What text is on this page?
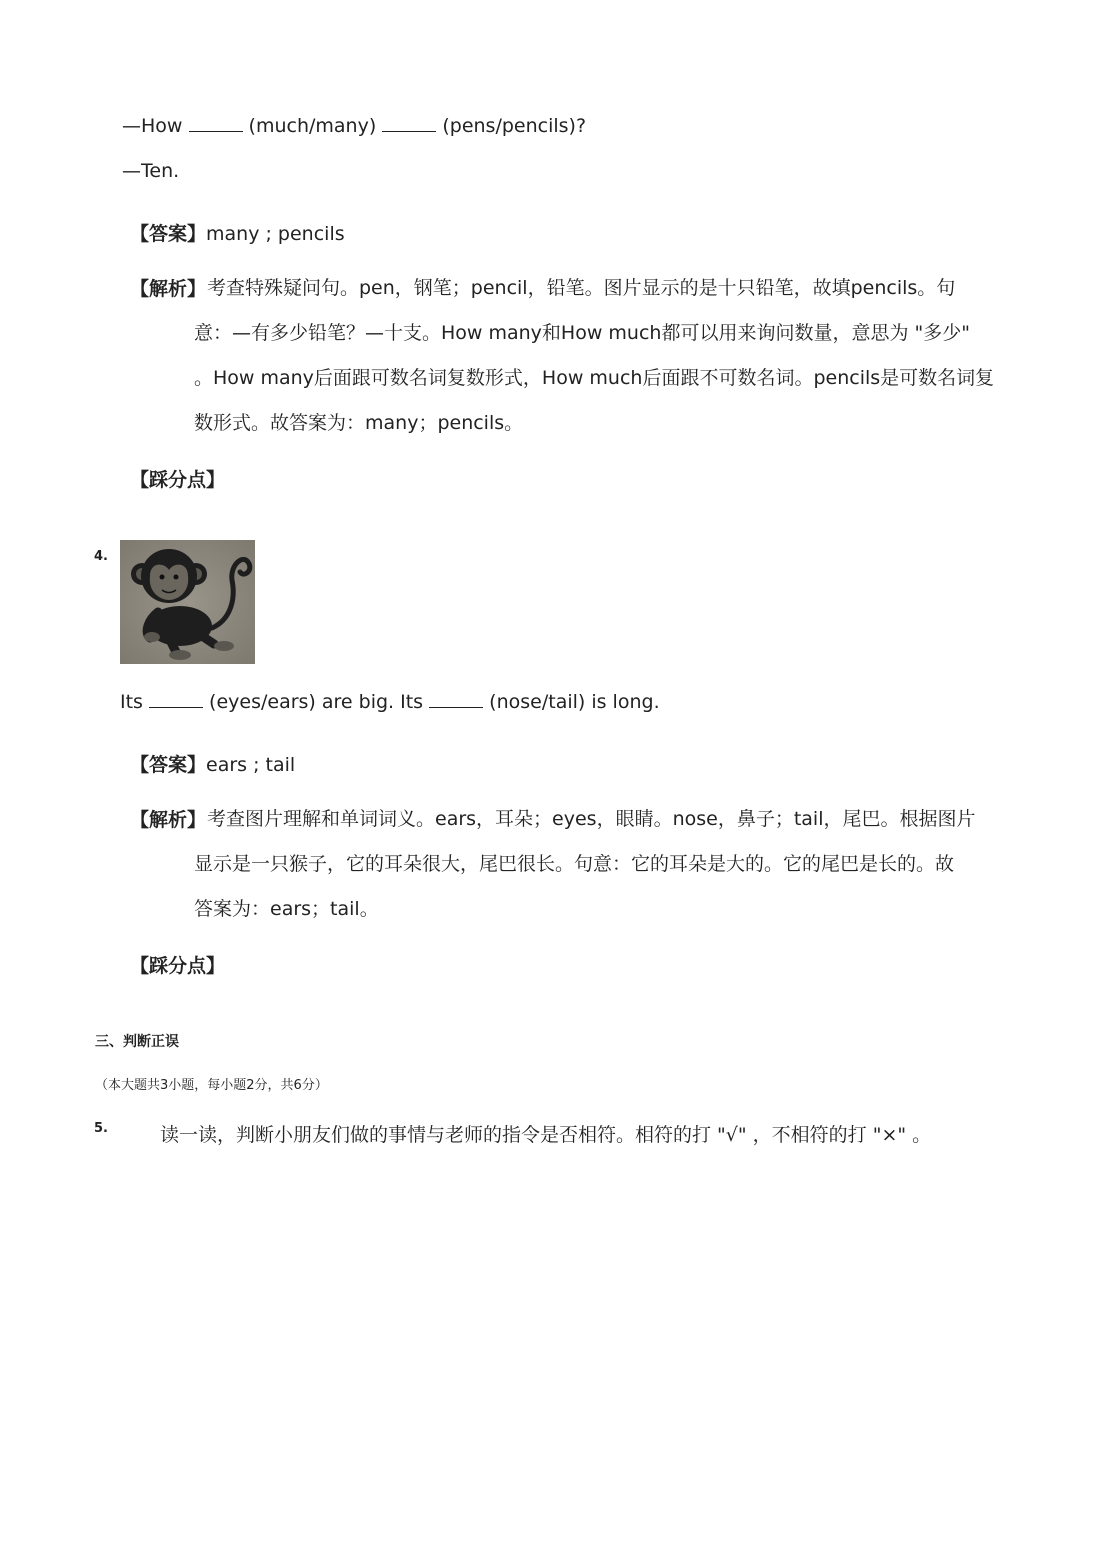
—How	(much/many)	(pens/pencils)?
—Ten.
【答案】many ; pencils
【解析】 考查特殊疑问句。pen，钢笔；pencil，铅笔。图片显示的是十只铅笔，故填pencils。句
意：—有多少铅笔？—十支。How many和How much都可以用来询问数量，意思为 "多少"
。How many后面跟可数名词复数形式，How much后面跟不可数名词。pencils是可数名词复
数形式。故答案为：many；pencils。
【踩分点】
4.
Its	(eyes/ears) are big. Its	(nose/tail) is long.
【答案】ears ; tail
【解析】 考查图片理解和单词词义。ears，耳朵；eyes，眼睛。nose，鼻子；tail，尾巴。根据图片
显示是一只猴子，它的耳朵很大，尾巴很长。句意：它的耳朵是大的。它的尾巴是长的。故
答案为：ears；tail。
【踩分点】
三、判断正误
（本大题共3小题，每小题2分，共6分）
5.	读一读，判断小朋友们做的事情与老师的指令是否相符。相符的打 "√" ，不相符的打 "×" 。
